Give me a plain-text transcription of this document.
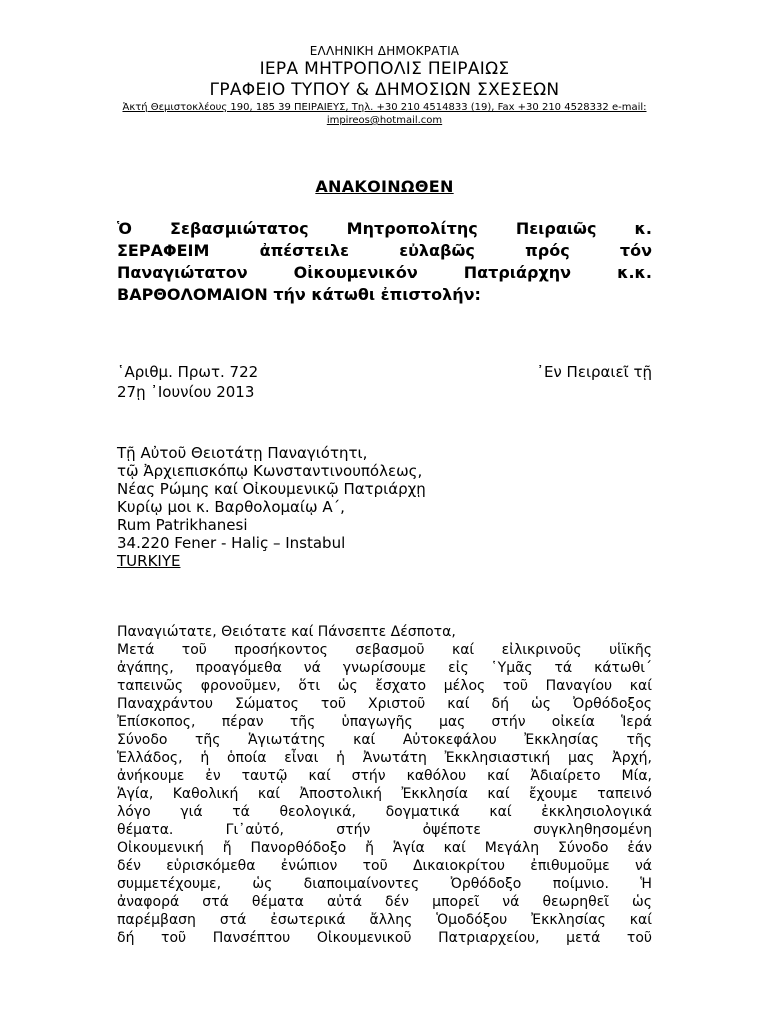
ΕΛΛΗΝΙΚΗ ΔΗΜΟΚΡΑΤΙΑ
ΙΕΡΑ ΜΗΤΡΟΠΟΛΙΣ ΠΕΙΡΑΙΩΣ
ΓΡΑΦΕΙΟ ΤΥΠΟΥ & ΔΗΜΟΣΙΩΝ ΣΧΕΣΕΩΝ
Ἀκτή Θεμιστοκλέους 190, 185 39 ΠΕΙΡΑΙΕΥΣ, Τηλ. +30 210 4514833 (19), Fax +30 210 4528332 e-mail:
impireos@hotmail.com
ΑΝΑΚΟΙΝΩΘΕΝ
Ὁ Σεβασμιώτατος Μητροπολίτης Πειραιῶς κ.
ΣΕΡΑΦΕΙΜ ἀπέστειλε εὐλαβῶς πρός τόν
Παναγιώτατον Οἰκουμενικόν Πατριάρχην κ.κ.
ΒΑΡΘΟΛΟΜΑΙΟΝ τήν κάτωθι ἐπιστολήν:
῾Αριθμ. Πρωτ. 722	᾿Εν Πειραιεῖ τῇ
27ῃ ᾿Ιουνίου 2013
Τῇ Αὐτοῦ Θειοτάτῃ Παναγιότητι,
τῷ Ἀρχιεπισκόπῳ Κωνσταντινουπόλεως,
Νέας Ρώμης καί Οἰκουμενικῷ Πατριάρχῃ
Κυρίῳ μοι κ. Βαρθολομαίῳ Α΄,
Rum Patrikhanesi
34.220 Fener - Haliç – Instabul
TURKIYE
Παναγιώτατε, Θειότατε καί Πάνσεπτε Δέσποτα,
Μετά τοῦ προσήκοντος σεβασμοῦ καί εἰλικρινοῦς υἱϊκῆς
ἀγάπης, προαγόμεθα νά γνωρίσουμε εἰς ῾Υμᾶς τά κάτωθι΄
ταπεινῶς φρονοῦμεν, ὅτι ὡς ἔσχατο μέλος τοῦ Παναγίου καί
Παναχράντου Σώματος τοῦ Χριστοῦ καί δή ὡς Ὀρθόδοξος
Ἐπίσκοπος, πέραν τῆς ὑπαγωγῆς μας στήν οἰκεία Ἱερά
Σύνοδο τῆς Ἁγιωτάτης καί Αὐτοκεφάλου Ἐκκλησίας τῆς
Ἑλλάδος, ἡ ὁποία εἶναι ἡ Ἀνωτάτη Ἐκκλησιαστική μας Ἀρχή,
ἀνήκουμε ἐν ταυτῷ καί στήν καθόλου καί Ἀδιαίρετο Μία,
Ἁγία, Καθολική καί Ἀποστολική Ἐκκλησία καί ἔχουμε ταπεινό
λόγο γιά τά θεολογικά, δογματικά καί ἐκκλησιολογικά
θέματα. Γι᾽αὐτό, στήν ὀψέποτε συγκληθησομένη
Οἰκουμενική ἤ Πανορθόδοξο ἤ Ἁγία καί Μεγάλη Σύνοδο ἐάν
δέν εὑρισκόμεθα ἐνώπιον τοῦ Δικαιοκρίτου ἐπιθυμοῦμε νά
συμμετέχουμε, ὡς διαποιμαίνοντες Ὀρθόδοξο ποίμνιο. Ἡ
ἀναφορά στά θέματα αὐτά δέν μπορεῖ νά θεωρηθεῖ ὡς
παρέμβαση στά ἐσωτερικά ἄλλης Ὁμοδόξου Ἐκκλησίας καί
δή τοῦ Πανσέπτου Οἰκουμενικοῦ Πατριαρχείου, μετά τοῦ
